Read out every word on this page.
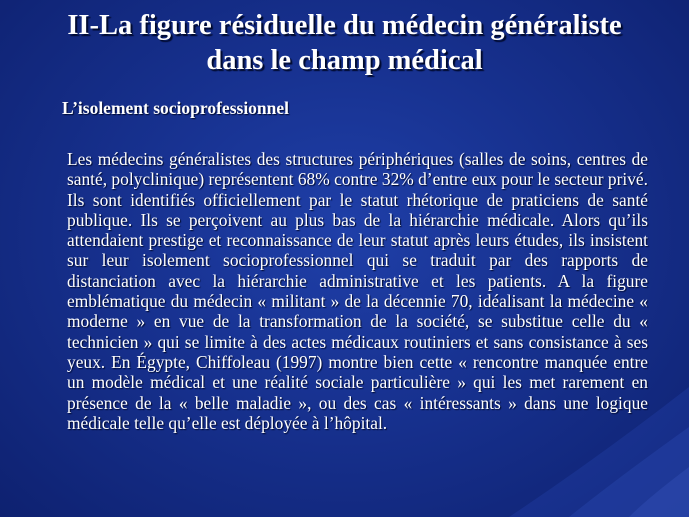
II-La figure résiduelle du médecin généraliste
dans le champ médical
L’isolement socioprofessionnel

Les médecins généralistes des structures périphériques (salles de soins, centres de santé, polyclinique) représentent 68% contre 32% d’entre eux pour le secteur privé. Ils sont identifiés officiellement par le statut rhétorique de praticiens de santé publique. Ils se perçoivent au plus bas de la hiérarchie médicale. Alors qu’ils attendaient prestige et reconnaissance de leur statut après leurs études, ils insistent sur leur isolement socioprofessionnel qui se traduit par des rapports de distanciation avec la hiérarchie administrative et les patients. A la figure emblématique du médecin « militant » de la décennie 70, idéalisant la médecine « moderne » en vue de la transformation de la société, se substitue celle du « technicien » qui se limite à des actes médicaux routiniers et sans consistance à ses yeux. En Égypte, Chiffoleau (1997) montre bien cette « rencontre manquée entre un modèle médical et une réalité sociale particulière » qui les met rarement en présence de la « belle maladie », ou des cas « intéressants » dans une logique médicale telle qu’elle est déployée à l’hôpital.
